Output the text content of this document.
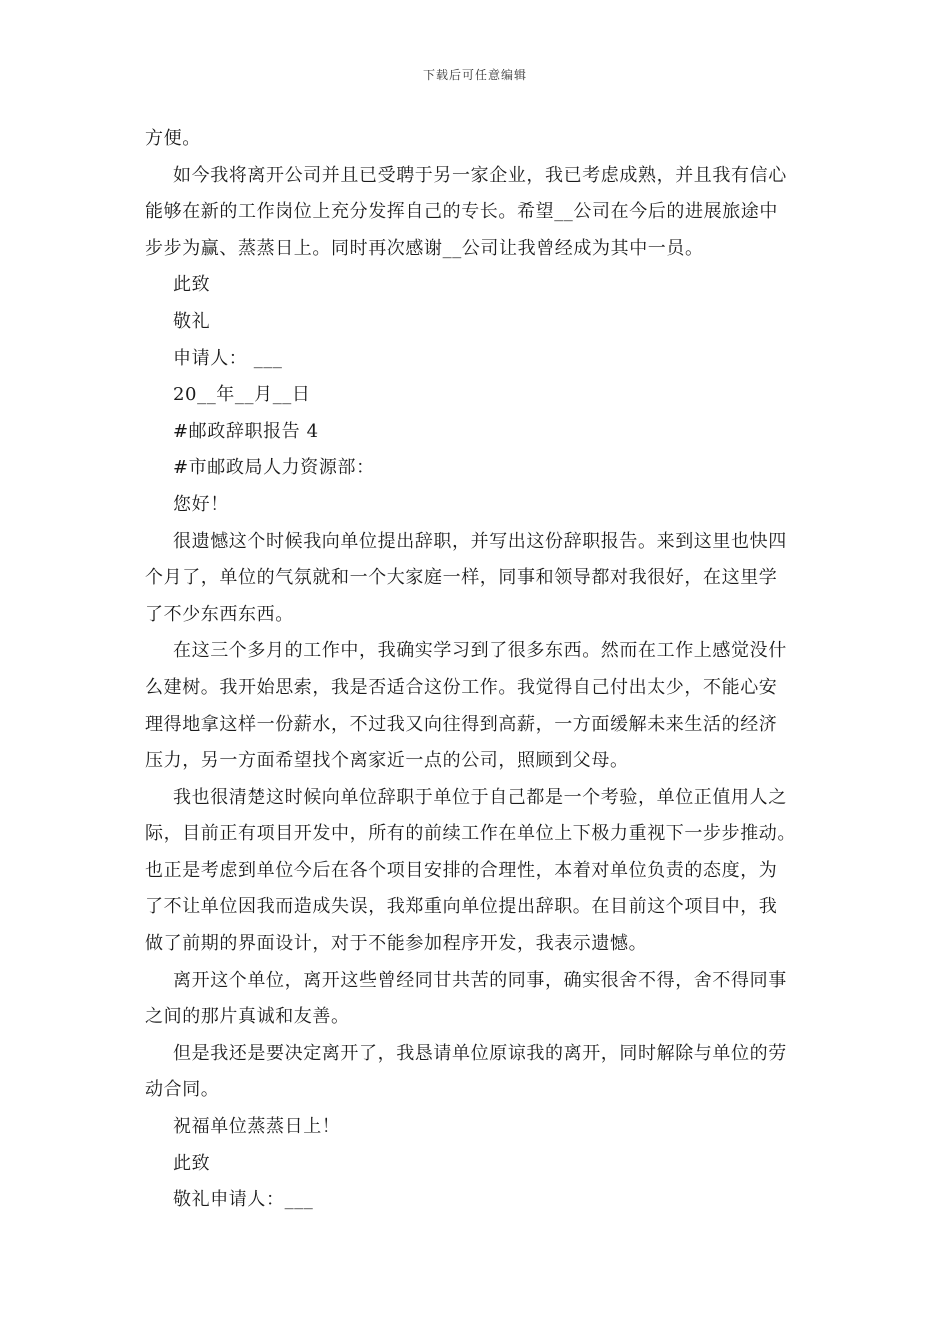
下载后可任意编辑
方便。
如今我将离开公司并且已受聘于另一家企业，我已考虑成熟，并且我有信心
能够在新的工作岗位上充分发挥自己的专长。希望__公司在今后的进展旅途中
步步为赢、蒸蒸日上。同时再次感谢__公司让我曾经成为其中一员。
此致
敬礼
申请人： ___
20__年__月__日
#邮政辞职报告 4
#市邮政局人力资源部：
您好！
很遗憾这个时候我向单位提出辞职，并写出这份辞职报告。来到这里也快四
个月了，单位的气氛就和一个大家庭一样，同事和领导都对我很好，在这里学
了不少东西东西。
在这三个多月的工作中，我确实学习到了很多东西。然而在工作上感觉没什
么建树。我开始思索，我是否适合这份工作。我觉得自己付出太少，不能心安
理得地拿这样一份薪水，不过我又向往得到高薪，一方面缓解未来生活的经济
压力，另一方面希望找个离家近一点的公司，照顾到父母。
我也很清楚这时候向单位辞职于单位于自己都是一个考验，单位正值用人之
际，目前正有项目开发中，所有的前续工作在单位上下极力重视下一步步推动。
也正是考虑到单位今后在各个项目安排的合理性，本着对单位负责的态度，为
了不让单位因我而造成失误，我郑重向单位提出辞职。在目前这个项目中，我
做了前期的界面设计，对于不能参加程序开发，我表示遗憾。
离开这个单位，离开这些曾经同甘共苦的同事，确实很舍不得，舍不得同事
之间的那片真诚和友善。
但是我还是要决定离开了，我恳请单位原谅我的离开，同时解除与单位的劳
动合同。
祝福单位蒸蒸日上！
此致
敬礼申请人：___
